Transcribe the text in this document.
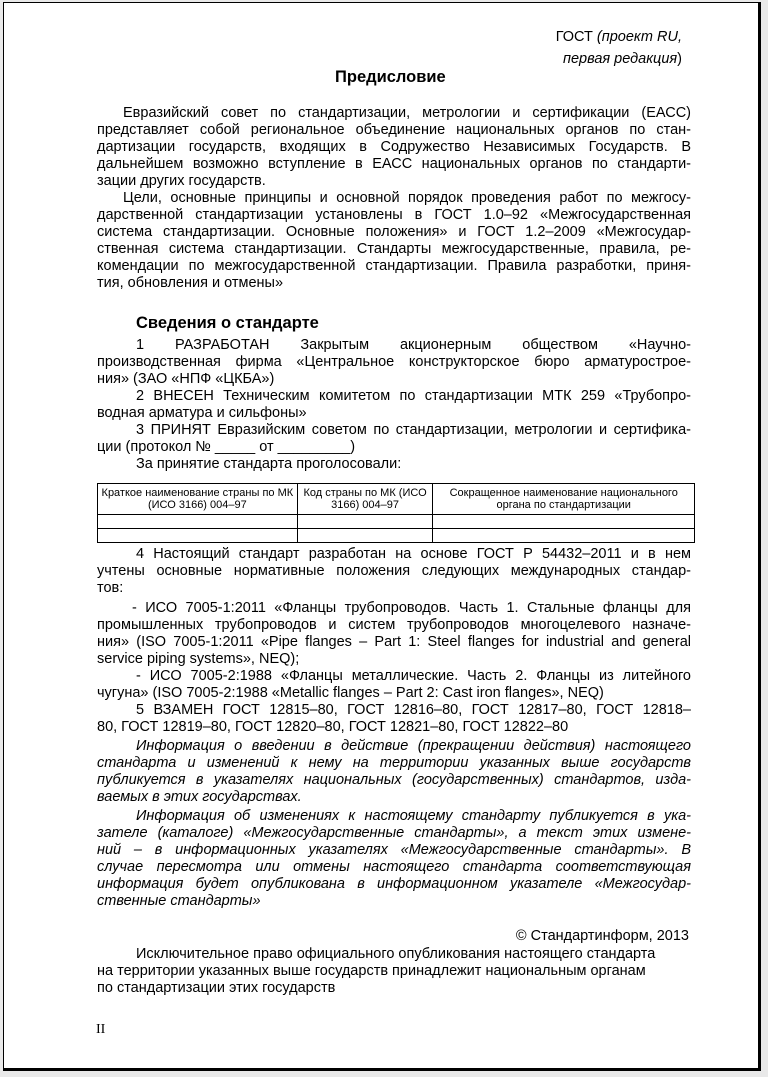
ГОСТ (проект RU,
первая редакция)
Предисловие
Евразийский совет по стандартизации, метрологии и сертификации (ЕАСС)
представляет собой региональное объединение национальных органов по стан-
дартизации государств, входящих в Содружество Независимых Государств. В
дальнейшем возможно вступление в ЕАСС национальных органов по стандарти-
зации других государств.
Цели, основные принципы и основной порядок проведения работ по межгосу-
дарственной стандартизации установлены в ГОСТ 1.0–92 «Межгосударственная
система стандартизации. Основные положения» и ГОСТ 1.2–2009 «Межгосудар-
ственная система стандартизации. Стандарты межгосударственные, правила, ре-
комендации по межгосударственной стандартизации. Правила разработки, приня-
тия, обновления и отмены»
Сведения о стандарте
1 РАЗРАБОТАН Закрытым акционерным обществом «Научно-
производственная фирма «Центральное конструкторское бюро арматурострое-
ния» (ЗАО «НПФ «ЦКБА»)
2 ВНЕСЕН Техническим комитетом по стандартизации МТК 259 «Трубопро-
водная арматура и сильфоны»
3 ПРИНЯТ Евразийским советом по стандартизации, метрологии и сертифика-
ции (протокол № _____ от _________)
За принятие стандарта проголосовали:
Краткое наименование страны по МК (ИСО 3166) 004–97	Код страны по МК (ИСО 3166) 004–97	Сокращенное наименование национального органа по стандартизации

4 Настоящий стандарт разработан на основе ГОСТ Р 54432–2011 и в нем
учтены основные нормативные положения следующих международных стандар-
тов:
- ИСО 7005-1:2011 «Фланцы трубопроводов. Часть 1. Стальные фланцы для
промышленных трубопроводов и систем трубопроводов многоцелевого назначе-
ния» (ISO 7005-1:2011 «Pipe flanges – Part 1: Steel flanges for industrial and general
service piping systems», NEQ);
- ИСО 7005-2:1988 «Фланцы металлические. Часть 2. Фланцы из литейного
чугуна» (ISO 7005-2:1988 «Metallic flanges – Part 2: Cast iron flanges», NEQ)
5 ВЗАМЕН ГОСТ 12815–80, ГОСТ 12816–80, ГОСТ 12817–80, ГОСТ 12818–
80, ГОСТ 12819–80, ГОСТ 12820–80, ГОСТ 12821–80, ГОСТ 12822–80
Информация о введении в действие (прекращении действия) настоящего
стандарта и изменений к нему на территории указанных выше государств
публикуется в указателях национальных (государственных) стандартов, изда-
ваемых в этих государствах.
Информация об изменениях к настоящему стандарту публикуется в ука-
зателе (каталоге) «Межгосударственные стандарты», а текст этих измене-
ний – в информационных указателях «Межгосударственные стандарты». В
случае пересмотра или отмены настоящего стандарта соответствующая
информация будет опубликована в информационном указателе «Межгосудар-
ственные стандарты»
© Стандартинформ, 2013
Исключительное право официального опубликования настоящего стандарта
на территории указанных выше государств принадлежит национальным органам
по стандартизации этих государств
II
